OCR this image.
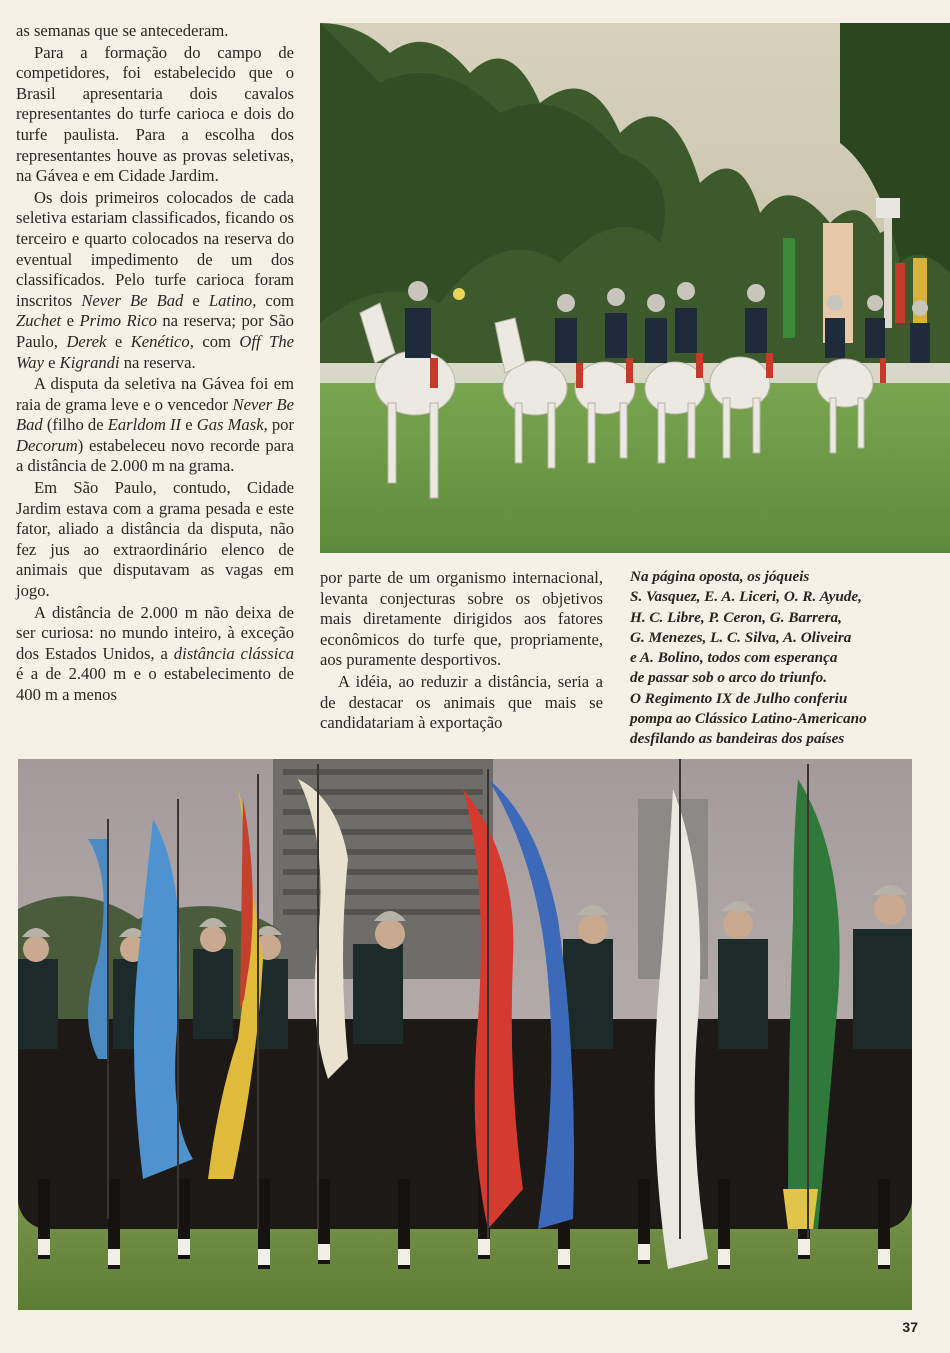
as semanas que se antecederam.

Para a formação do campo de competidores, foi estabelecido que o Brasil apresentaria dois cavalos representantes do turfe carioca e dois do turfe paulista. Para a escolha dos representantes houve as provas seletivas, na Gávea e em Cidade Jardim.

Os dois primeiros colocados de cada seletiva estariam classificados, ficando os terceiro e quarto colocados na reserva do eventual impedimento de um dos classificados. Pelo turfe carioca foram inscritos Never Be Bad e Latino, com Zuchet e Primo Rico na reserva; por São Paulo, Derek e Kenético, com Off The Way e Kigrandi na reserva.

A disputa da seletiva na Gávea foi em raia de grama leve e o vencedor Never Be Bad (filho de Earldom II e Gas Mask, por Decorum) estabeleceu novo recorde para a distância de 2.000 m na grama.

Em São Paulo, contudo, Cidade Jardim estava com a grama pesada e este fator, aliado a distância da disputa, não fez jus ao extraordinário elenco de animais que disputavam as vagas em jogo.

A distância de 2.000 m não deixa de ser curiosa: no mundo inteiro, à exceção dos Estados Unidos, a distância clássica é a de 2.400 m e o estabelecimento de 400 m a menos

por parte de um organismo internacional, levanta conjecturas sobre os objetivos mais diretamente dirigidos aos fatores econômicos do turfe que, propriamente, aos puramente desportivos.

A idéia, ao reduzir a distância, seria a de destacar os animais que mais se candidatariam à exportação

Na página oposta, os jóqueis
S. Vasquez, E. A. Liceri, O. R. Ayude,
H. C. Libre, P. Ceron, G. Barrera,
G. Menezes, L. C. Silva, A. Oliveira
e A. Bolino, todos com esperança
de passar sob o arco do triunfo.
O Regimento IX de Julho conferiu
pompa ao Clássico Latino-Americano
desfilando as bandeiras dos países
37
